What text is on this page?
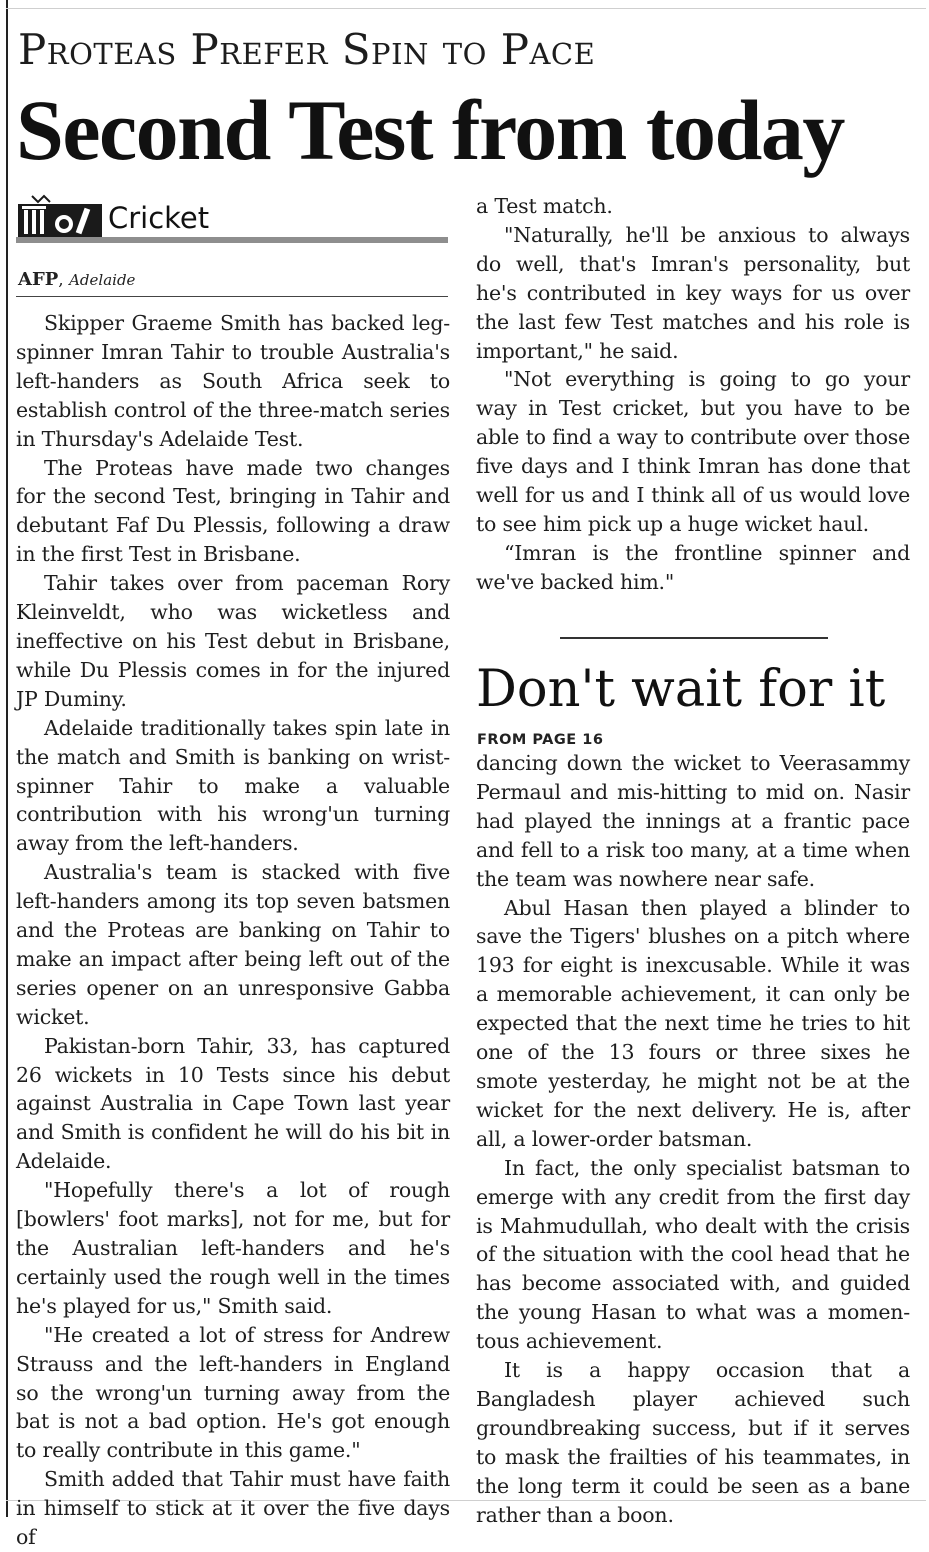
Proteas Prefer Spin to Pace
Second Test from today
Cricket
AFP, Adelaide

Skipper Graeme Smith has backed leg-spinner Imran Tahir to trouble Australia's left-handers as South Africa seek to establish control of the three-match series in Thursday's Adelaide Test.

The Proteas have made two changes for the second Test, bringing in Tahir and debutant Faf Du Plessis, following a draw in the first Test in Brisbane.

Tahir takes over from paceman Rory Kleinveldt, who was wicketless and ineffective on his Test debut in Brisbane, while Du Plessis comes in for the injured JP Duminy.

Adelaide traditionally takes spin late in the match and Smith is banking on wrist-spinner Tahir to make a valuable contribution with his wrong'un turning away from the left-handers.

Australia's team is stacked with five left-handers among its top seven batsmen and the Proteas are banking on Tahir to make an impact after being left out of the series opener on an unresponsive Gabba wicket.

Pakistan-born Tahir, 33, has captured 26 wickets in 10 Tests since his debut against Australia in Cape Town last year and Smith is confident he will do his bit in Adelaide.

"Hopefully there's a lot of rough [bowlers' foot marks], not for me, but for the Australian left-handers and he's certainly used the rough well in the times he's played for us," Smith said.

"He created a lot of stress for Andrew Strauss and the left-handers in England so the wrong'un turning away from the bat is not a bad option. He's got enough to really contribute in this game."

Smith added that Tahir must have faith in himself to stick at it over the five days of

a Test match.

"Naturally, he'll be anxious to always do well, that's Imran's personality, but he's contributed in key ways for us over the last few Test matches and his role is important," he said.

"Not everything is going to go your way in Test cricket, but you have to be able to find a way to contribute over those five days and I think Imran has done that well for us and I think all of us would love to see him pick up a huge wicket haul.

“Imran is the frontline spinner and we've backed him."

Don't wait for it
FROM PAGE 16

dancing down the wicket to Veerasammy Permaul and mis-hitting to mid on. Nasir had played the innings at a frantic pace and fell to a risk too many, at a time when the team was nowhere near safe.

Abul Hasan then played a blinder to save the Tigers' blushes on a pitch where 193 for eight is inexcusable. While it was a memorable achievement, it can only be expected that the next time he tries to hit one of the 13 fours or three sixes he smote yesterday, he might not be at the wicket for the next delivery. He is, after all, a lower-order batsman.

In fact, the only specialist batsman to emerge with any credit from the first day is Mahmudullah, who dealt with the crisis of the situation with the cool head that he has become associated with, and guided the young Hasan to what was a momen-tous achievement.

It is a happy occasion that a Bangladesh player achieved such groundbreaking success, but if it serves to mask the frailties of his teammates, in the long term it could be seen as a bane rather than a boon.
